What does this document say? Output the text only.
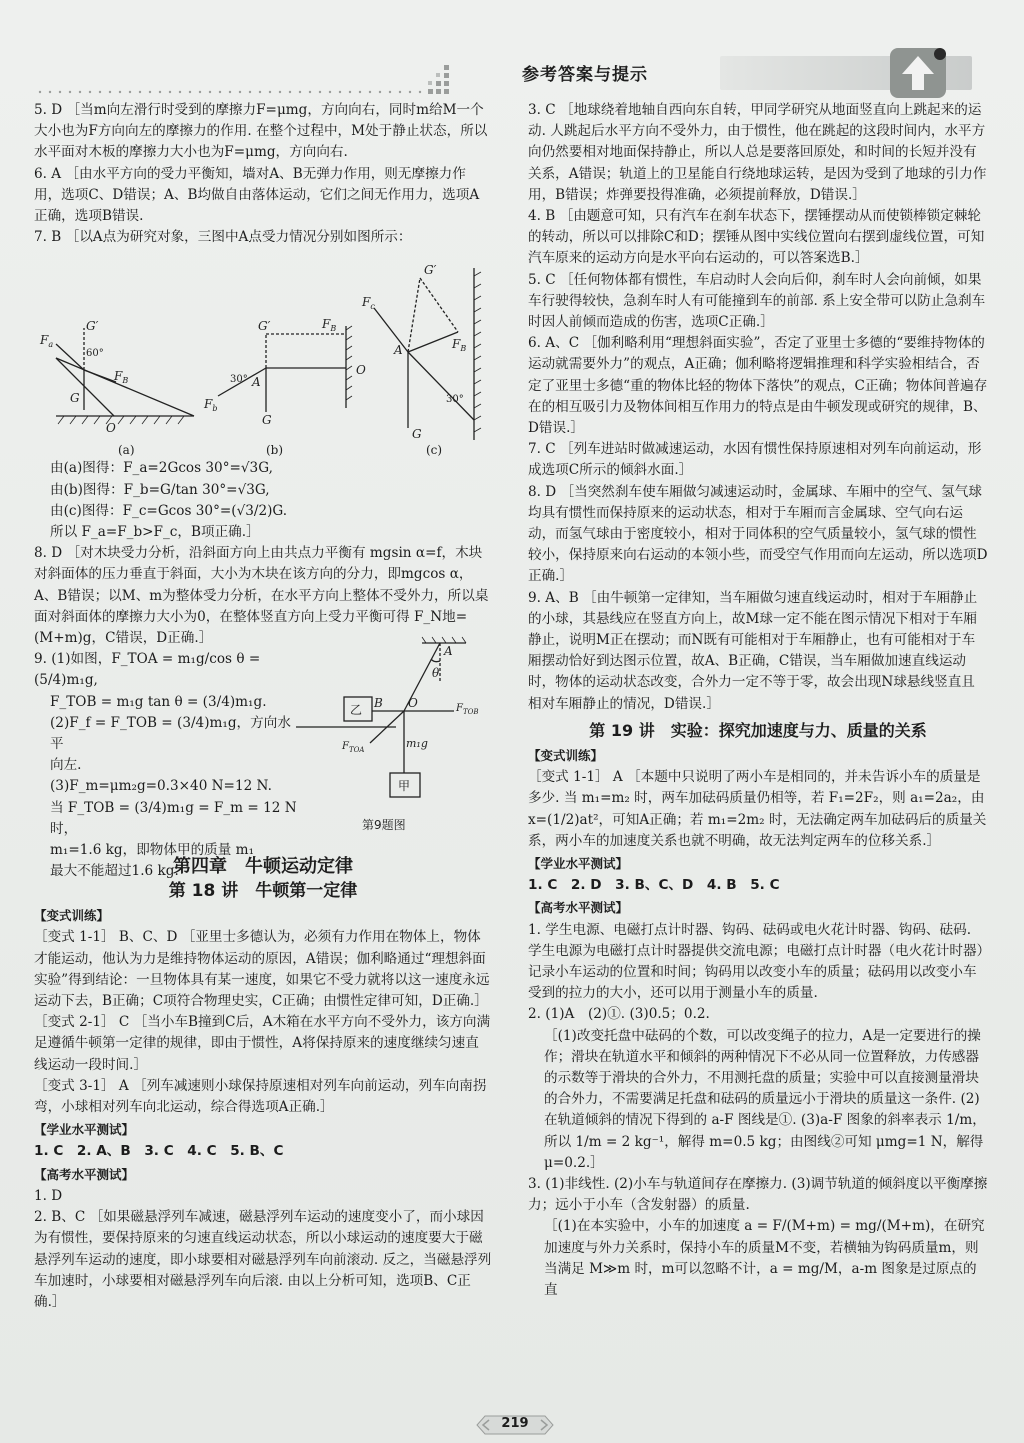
参考答案与提示

5. D ［当m向左滑行时受到的摩擦力F=μmg，方向向右，同时m给M一个大小也为F方向向左的摩擦力的作用. 在整个过程中，M处于静止状态，所以水平面对木板的摩擦力大小也为F=μmg，方向向右.

6. A ［由水平方向的受力平衡知，墙对A、B无弹力作用，则无摩擦力作用，选项C、D错误；A、B均做自由落体运动，它们之间无作用力，选项A正确，选项B错误.

7. B ［以A点为研究对象，三图中A点受力情况分别如图所示：

$F_a$
G′
60°
$F_B$
G
O
(a)
G′	$F_B$
30°
$F_b$
A
O
G
(b)
G′
$F_c$
A	$F_B$
30°
G
(c)

由(a)图得：F_a=2Gcos 30°=√3G,

由(b)图得：F_b=G/tan 30°=√3G,

由(c)图得：F_c=Gcos 30°=(√3/2)G.

所以 F_a=F_b>F_c，B项正确.］

8. D ［对木块受力分析，沿斜面方向上由共点力平衡有 mgsin α=f，木块对斜面体的压力垂直于斜面，大小为木块在该方向的分力，即mgcos α，A、B错误；以M、m为整体受力分析，在水平方向上整体不受外力，所以桌面对斜面体的摩擦力大小为0，在整体竖直方向上受力平衡可得 F_N地=(M+m)g，C错误，D正确.］

9. (1)如图，F_TOA = m₁g/cos θ = (5/4)m₁g,

F_TOB = m₁g tan θ = (3/4)m₁g.

(2)F_f = F_TOB = (3/4)m₁g，方向水平

向左.

(3)F_m=μm₂g=0.3×40 N=12 N.

当 F_TOB = (3/4)m₁g = F_m = 12 N 时，

m₁=1.6 kg，即物体甲的质量 m₁

最大不能超过1.6 kg.

A
θ
乙 B O	$F_{TOB}$
$F_{TOA}$	m₁g
甲
第9题图
第四章　牛顿运动定律
第 18 讲　牛顿第一定律
【变式训练】

［变式 1-1］ B、C、D ［亚里士多德认为，必须有力作用在物体上，物体才能运动，他认为力是维持物体运动的原因，A错误；伽利略通过“理想斜面实验”得到结论：一旦物体具有某一速度，如果它不受力就将以这一速度永远运动下去，B正确；C项符合物理史实，C正确；由惯性定律可知，D正确.］

［变式 2-1］ C ［当小车B撞到C后，A木箱在水平方向不受外力，该方向满足遵循牛顿第一定律的规律，即由于惯性，A将保持原来的速度继续匀速直线运动一段时间.］

［变式 3-1］ A ［列车减速则小球保持原速相对列车向前运动，列车向南拐弯，小球相对列车向北运动，综合得选项A正确.］

【学业水平测试】

1. C　2. A、B　3. C　4. C　5. B、C

【高考水平测试】

1. D

2. B、C ［如果磁悬浮列车减速，磁悬浮列车运动的速度变小了，而小球因为有惯性，要保持原来的匀速直线运动状态，所以小球运动的速度要大于磁悬浮列车运动的速度，即小球要相对磁悬浮列车向前滚动. 反之，当磁悬浮列车加速时，小球要相对磁悬浮列车向后滚. 由以上分析可知，选项B、C正确.］

3. C ［地球绕着地轴自西向东自转，甲同学研究从地面竖直向上跳起来的运动. 人跳起后水平方向不受外力，由于惯性，他在跳起的这段时间内，水平方向仍然要相对地面保持静止，所以人总是要落回原处，和时间的长短并没有关系，A错误；轨道上的卫星能自行绕地球运转，是因为受到了地球的引力作用，B错误；炸弹要投得准确，必须提前释放，D错误.］

4. B ［由题意可知，只有汽车在刹车状态下，摆锤摆动从而使锁棒锁定棘轮的转动，所以可以排除C和D；摆锤从图中实线位置向右摆到虚线位置，可知汽车原来的运动方向是水平向右运动的，可以答案选B.］

5. C ［任何物体都有惯性，车启动时人会向后仰，刹车时人会向前倾，如果车行驶得较快，急刹车时人有可能撞到车的前部. 系上安全带可以防止急刹车时因人前倾而造成的伤害，选项C正确.］

6. A、C ［伽利略利用“理想斜面实验”，否定了亚里士多德的“要维持物体的运动就需要外力”的观点，A正确；伽利略将逻辑推理和科学实验相结合，否定了亚里士多德“重的物体比轻的物体下落快”的观点，C正确；物体间普遍存在的相互吸引力及物体间相互作用力的特点是由牛顿发现或研究的规律，B、D错误.］

7. C ［列车进站时做减速运动，水因有惯性保持原速相对列车向前运动，形成选项C所示的倾斜水面.］

8. D ［当突然刹车使车厢做匀减速运动时，金属球、车厢中的空气、氢气球均具有惯性而保持原来的运动状态，相对于车厢而言金属球、空气向右运动，而氢气球由于密度较小，相对于同体积的空气质量较小，氢气球的惯性较小，保持原来向右运动的本领小些，而受空气作用而向左运动，所以选项D正确.］

9. A、B ［由牛顿第一定律知，当车厢做匀速直线运动时，相对于车厢静止的小球，其悬线应在竖直方向上，故M球一定不能在图示情况下相对于车厢静止，说明M正在摆动；而N既有可能相对于车厢静止，也有可能相对于车厢摆动恰好到达图示位置，故A、B正确，C错误，当车厢做加速直线运动时，物体的运动状态改变，合外力一定不等于零，故会出现N球悬线竖直且相对车厢静止的情况，D错误.］

第 19 讲　实验：探究加速度与力、质量的关系
【变式训练】

［变式 1-1］ A ［本题中只说明了两小车是相同的，并未告诉小车的质量是多少. 当 m₁=m₂ 时，两车加砝码质量仍相等，若 F₁=2F₂，则 a₁=2a₂，由 x=(1/2)at²，可知A正确；若 m₁=2m₂ 时，无法确定两车加砝码后的质量关系，两小车的加速度关系也就不明确，故无法判定两车的位移关系.］

【学业水平测试】

1. C　2. D　3. B、C、D　4. B　5. C

【高考水平测试】

1. 学生电源、电磁打点计时器、钩码、砝码或电火花计时器、钩码、砝码. 学生电源为电磁打点计时器提供交流电源；电磁打点计时器（电火花计时器）记录小车运动的位置和时间；钩码用以改变小车的质量；砝码用以改变小车受到的拉力的大小，还可以用于测量小车的质量.

2. (1)A　(2)①. (3)0.5；0.2.

［(1)改变托盘中砝码的个数，可以改变绳子的拉力，A是一定要进行的操作；滑块在轨道水平和倾斜的两种情况下不必从同一位置释放，力传感器的示数等于滑块的合外力，不用测托盘的质量；实验中可以直接测量滑块的合外力，不需要满足托盘和砝码的质量远小于滑块的质量这一条件. (2)在轨道倾斜的情况下得到的 a-F 图线是①. (3)a-F 图象的斜率表示 1/m，所以 1/m = 2 kg⁻¹，解得 m=0.5 kg；由图线②可知 μmg=1 N，解得 μ=0.2.］

3. (1)非线性. (2)小车与轨道间存在摩擦力. (3)调节轨道的倾斜度以平衡摩擦力；远小于小车（含发射器）的质量.

［(1)在本实验中，小车的加速度 a = F/(M+m) = mg/(M+m)，在研究加速度与外力关系时，保持小车的质量M不变，若横轴为钩码质量m，则当满足 M≫m 时，m可以忽略不计，a = mg/M，a-m 图象是过原点的直

219
